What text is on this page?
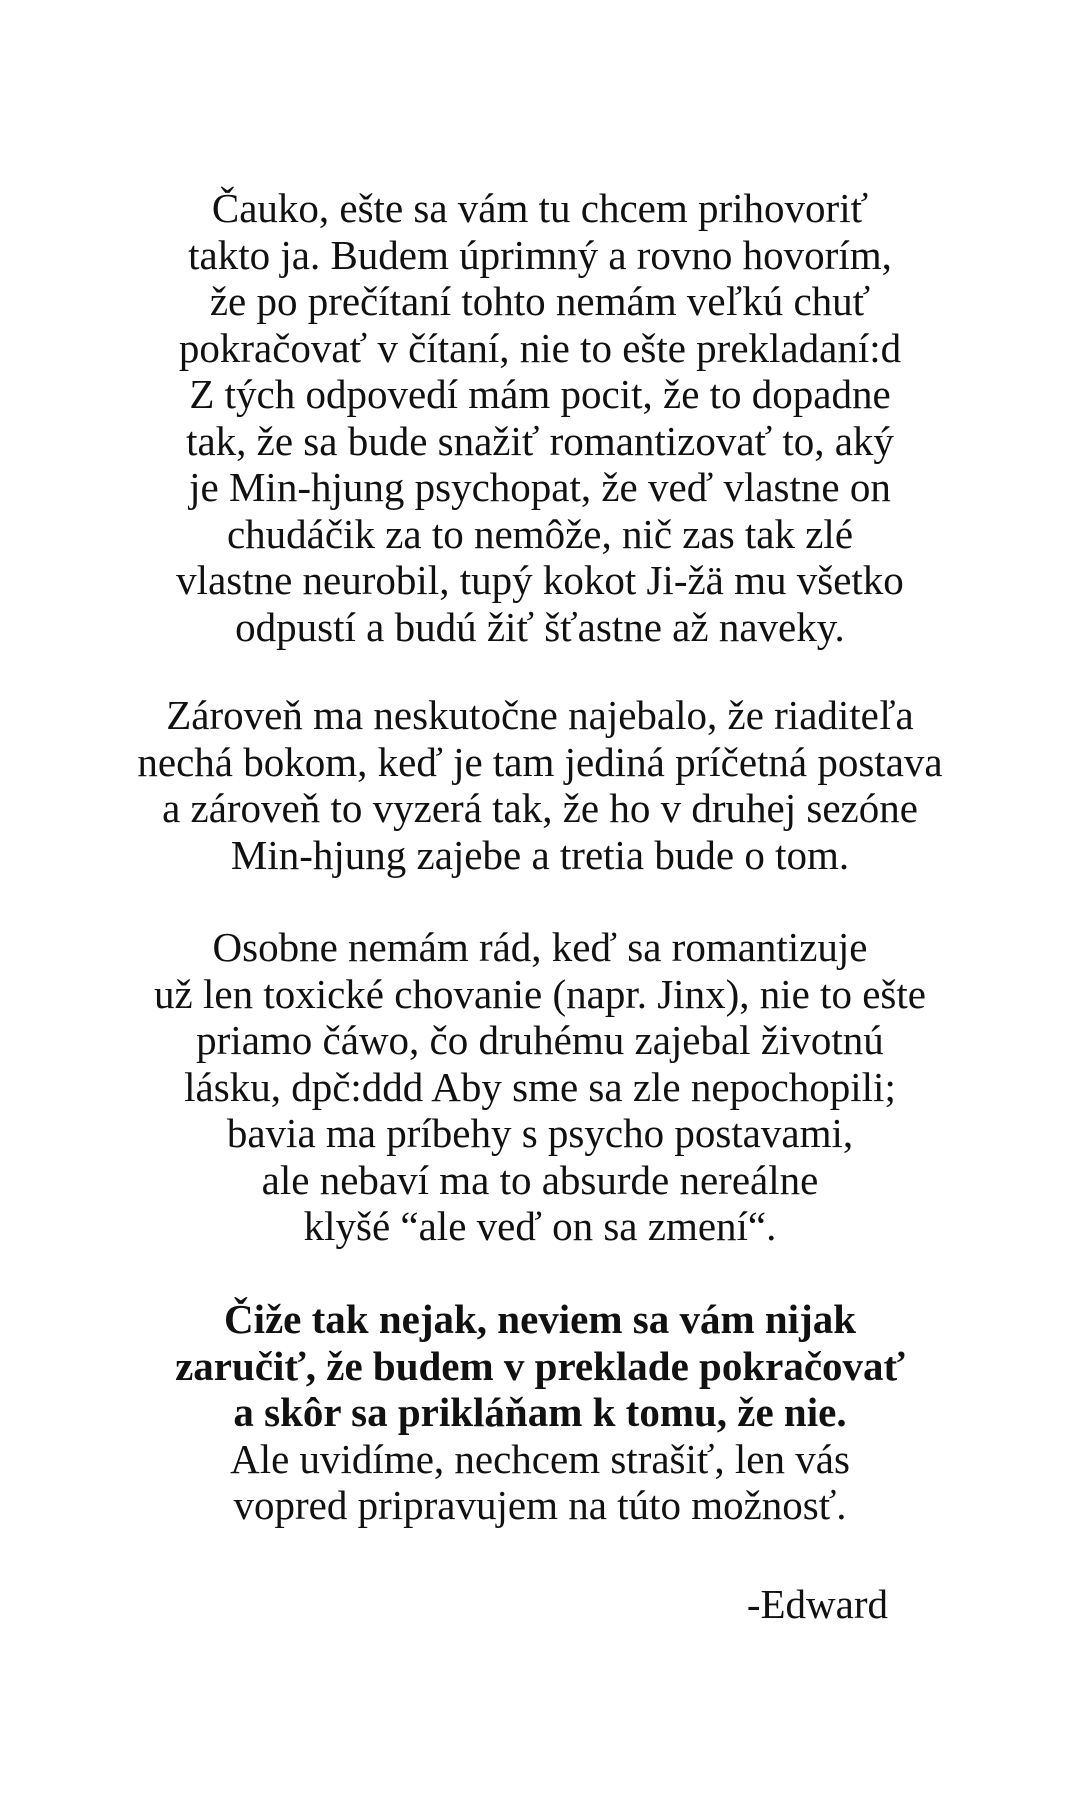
Čauko, ešte sa vám tu chcem prihovoriť
takto ja. Budem úprimný a rovno hovorím,
že po prečítaní tohto nemám veľkú chuť
pokračovať v čítaní, nie to ešte prekladaní:d
Z tých odpovedí mám pocit, že to dopadne
tak, že sa bude snažiť romantizovať to, aký
je Min-hjung psychopat, že veď vlastne on
chudáčik za to nemôže, nič zas tak zlé
vlastne neurobil, tupý kokot Ji-žä mu všetko
odpustí a budú žiť šťastne až naveky.
Zároveň ma neskutočne najebalo, že riaditeľa
nechá bokom, keď je tam jediná príčetná postava
a zároveň to vyzerá tak, že ho v druhej sezóne
Min-hjung zajebe a tretia bude o tom.
Osobne nemám rád, keď sa romantizuje
už len toxické chovanie (napr. Jinx), nie to ešte
priamo čáwo, čo druhému zajebal životnú
lásku, dpč:ddd Aby sme sa zle nepochopili;
bavia ma príbehy s psycho postavami,
ale nebaví ma to absurde nereálne
klyšé “ale veď on sa zmení“.
Čiže tak nejak, neviem sa vám nijak
zaručiť, že budem v preklade pokračovať
a skôr sa prikláňam k tomu, že nie.
Ale uvidíme, nechcem strašiť, len vás
vopred pripravujem na túto možnosť.
-Edward
